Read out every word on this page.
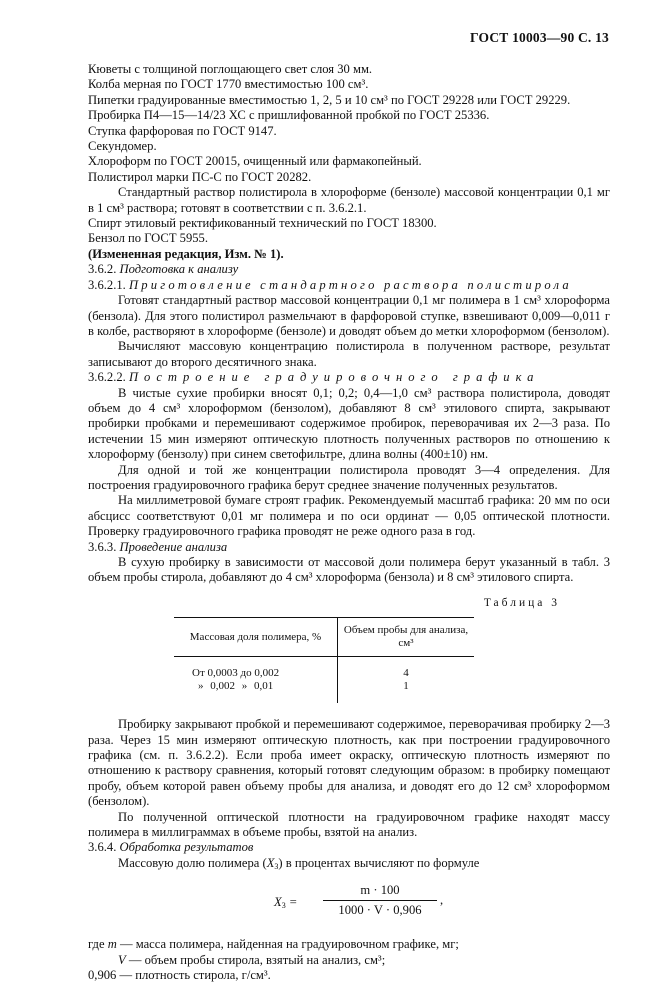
ГОСТ 10003—90 С. 13

Кюветы с толщиной поглощающего свет слоя 30 мм.

Колба мерная по ГОСТ 1770 вместимостью 100 см³.

Пипетки градуированные вместимостью 1, 2, 5 и 10 см³ по ГОСТ 29228 или ГОСТ 29229.

Пробирка П4—15—14/23 ХС с пришлифованной пробкой по ГОСТ 25336.

Ступка фарфоровая по ГОСТ 9147.

Секундомер.

Хлороформ по ГОСТ 20015, очищенный или фармакопейный.

Полистирол марки ПС-С по ГОСТ 20282.

Стандартный раствор полистирола в хлороформе (бензоле) массовой концентрации 0,1 мг в 1 см³ раствора; готовят в соответствии с п. 3.6.2.1.

Спирт этиловый ректификованный технический по ГОСТ 18300.

Бензол по ГОСТ 5955.

(Измененная редакция, Изм. № 1).

3.6.2. Подготовка к анализу

3.6.2.1. Приготовление стандартного раствора полистирола

Готовят стандартный раствор массовой концентрации 0,1 мг полимера в 1 см³ хлороформа (бензола). Для этого полистирол размельчают в фарфоровой ступке, взвешивают 0,009—0,011 г в колбе, растворяют в хлороформе (бензоле) и доводят объем до метки хлороформом (бензолом).

Вычисляют массовую концентрацию полистирола в полученном растворе, результат записывают до второго десятичного знака.

3.6.2.2. Построение градуировочного графика

В чистые сухие пробирки вносят 0,1; 0,2; 0,4—1,0 см³ раствора полистирола, доводят объем до 4 см³ хлороформом (бензолом), добавляют 8 см³ этилового спирта, закрывают пробирки пробками и перемешивают содержимое пробирок, переворачивая их 2—3 раза. По истечении 15 мин измеряют оптическую плотность полученных растворов по отношению к хлороформу (бензолу) при синем светофильтре, длина волны (400±10) нм.

Для одной и той же концентрации полистирола проводят 3—4 определения. Для построения градуировочного графика берут среднее значение полученных результатов.

На миллиметровой бумаге строят график. Рекомендуемый масштаб графика: 20 мм по оси абсцисс соответствуют 0,01 мг полимера и по оси ординат — 0,05 оптической плотности. Проверку градуировочного графика проводят не реже одного раза в год.

3.6.3. Проведение анализа

В сухую пробирку в зависимости от массовой доли полимера берут указанный в табл. 3 объем пробы стирола, добавляют до 4 см³ хлороформа (бензола) и 8 см³ этилового спирта.

Таблица 3
Массовая доля полимера, %	Объем пробы для анализа, см³
От 0,0003 до 0,002	4
» 0,002 » 0,01	1

Пробирку закрывают пробкой и перемешивают содержимое, переворачивая пробирку 2—3 раза. Через 15 мин измеряют оптическую плотность, как при построении градуировочного графика (см. п. 3.6.2.2). Если проба имеет окраску, оптическую плотность измеряют по отношению к раствору сравнения, который готовят следующим образом: в пробирку помещают пробу, объем которой равен объему пробы для анализа, и доводят его до 12 см³ хлороформом (бензолом).

По полученной оптической плотности на градуировочном графике находят массу полимера в миллиграммах в объеме пробы, взятой на анализ.

3.6.4. Обработка результатов

Массовую долю полимера $(X_3)$ в процентах вычисляют по формуле

$X_3$ =
m · 100
1000 · V · 0,906
,

где m — масса полимера, найденная на градуировочном графике, мг;

V — объем пробы стирола, взятый на анализ, см³;

0,906 — плотность стирола, г/см³.
